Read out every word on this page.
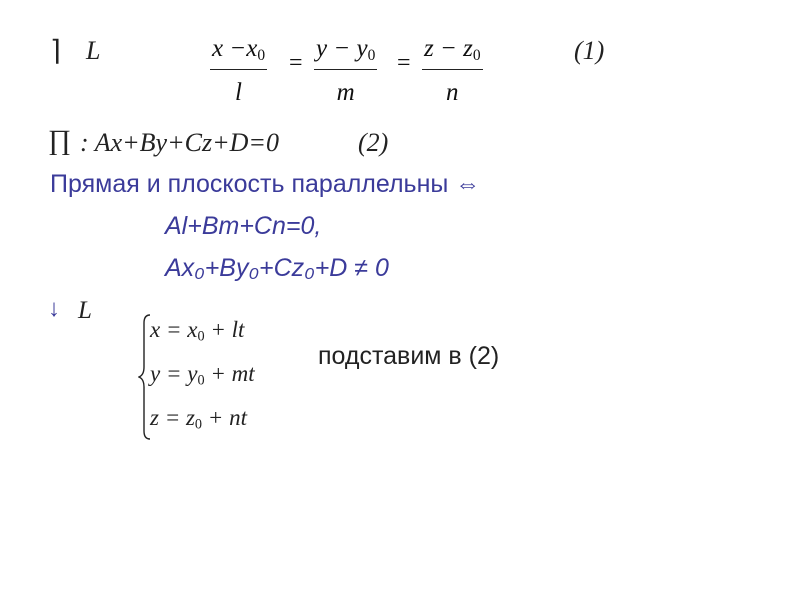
⌉ L	$x -x_0$
l
=
$y - y_0$
m
=
$z - z_0$
n
(1)
∏ : Ax+By+Cz+D=0	(2)
Прямая и плоскость параллельны ⇔
Al+Bm+Cn=0,
Ax₀+By₀+Cz₀+D ≠ 0
↓ L
$x = x_0$ + lt
$y = y_0$ + mt
$z = z_0$ + nt
подставим в (2)
